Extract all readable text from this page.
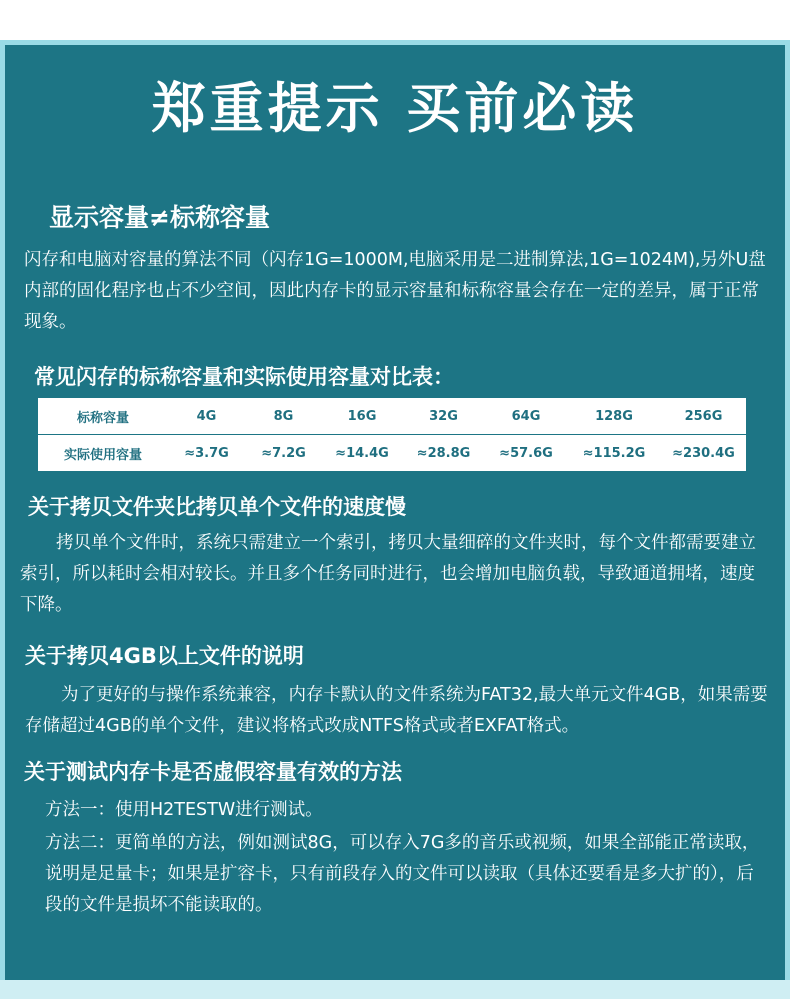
郑重提示 买前必读
显示容量≠标称容量
闪存和电脑对容量的算法不同（闪存1G=1000M,电脑采用是二进制算法,1G=1024M),另外U盘内部的固化程序也占不少空间，因此内存卡的显示容量和标称容量会存在一定的差异，属于正常现象。
常见闪存的标称容量和实际使用容量对比表：
标称容量	4G	8G	16G	32G	64G	128G	256G
实际使用容量	≈3.7G	≈7.2G	≈14.4G	≈28.8G	≈57.6G	≈115.2G	≈230.4G
关于拷贝文件夹比拷贝单个文件的速度慢
拷贝单个文件时，系统只需建立一个索引，拷贝大量细碎的文件夹时，每个文件都需要建立索引，所以耗时会相对较长。并且多个任务同时进行，也会增加电脑负载，导致通道拥堵，速度下降。
关于拷贝4GB以上文件的说明
为了更好的与操作系统兼容，内存卡默认的文件系统为FAT32,最大单元文件4GB，如果需要存储超过4GB的单个文件，建议将格式改成NTFS格式或者EXFAT格式。
关于测试内存卡是否虚假容量有效的方法
方法一：使用H2TESTW进行测试。
方法二：更简单的方法，例如测试8G，可以存入7G多的音乐或视频，如果全部能正常读取，说明是足量卡；如果是扩容卡，只有前段存入的文件可以读取（具体还要看是多大扩的），后段的文件是损坏不能读取的。
